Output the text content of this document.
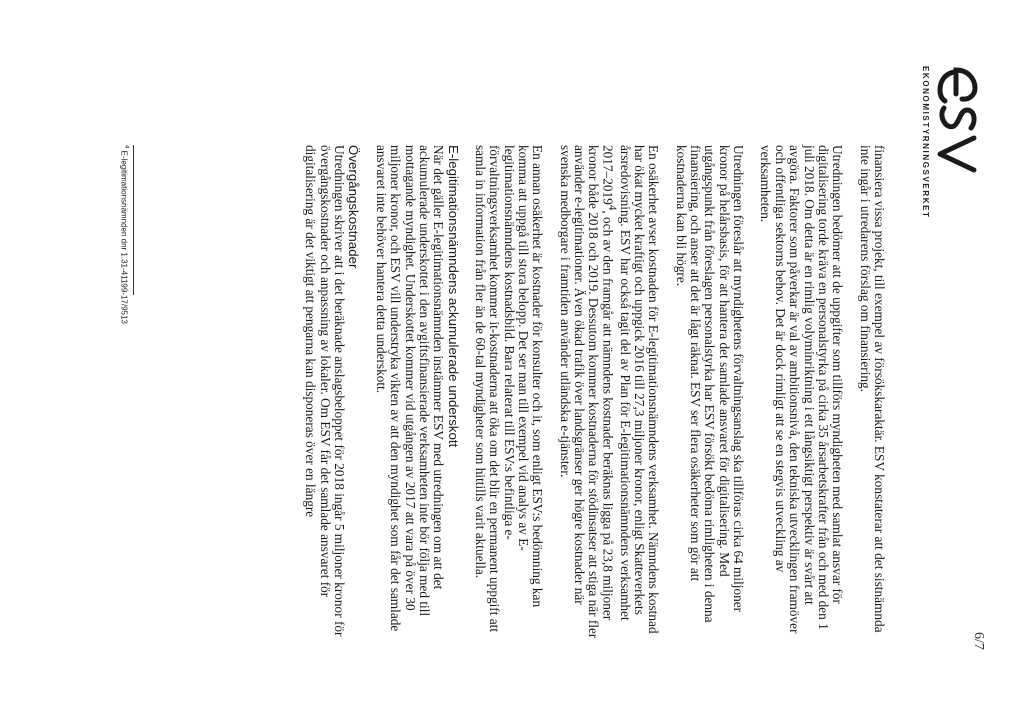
EKONOMISTYRNINGSVERKET
6/7

finansiera vissa projekt, till exempel av försökskaraktär. ESV konstaterar att det sistnämnda inte ingår i utredarens förslag om finansiering.

Utredningen bedömer att de uppgifter som tillförs myndigheten med samlat ansvar för digitalisering torde kräva en personalstyrka på cirka 35 årsarbetskrafter från och med den 1 juli 2018. Om detta är en rimlig volyminriktning i ett långsiktigt perspektiv är svårt att avgöra. Faktorer som påverkar är val av ambitionsnivå, den tekniska utvecklingen framöver och offentliga sektorns behov. Det är dock rimligt att se en stegvis utveckling av verksamheten.

Utredningen föreslår att myndighetens förvaltningsanslag ska tillföras cirka 64 miljoner kronor på helårsbasis, för att hantera det samlade ansvaret för digitalisering. Med utgångspunkt från föreslagen personalstyrka har ESV försökt bedöma rimligheten i denna finansiering, och anser att det är lågt räknat. ESV ser flera osäkerheter som gör att kostnaderna kan bli högre.

En osäkerhet avser kostnaden för E-legitimationsnämndens verksamhet. Nämndens kostnad har ökat mycket kraftigt och uppgick 2016 till 27,3 miljoner kronor, enligt Skatteverkets årsredovisning. ESV har också tagit del av Plan för E-legitimationsnämndens verksamhet 2017–2019$^4$, och av den framgår att nämndens kostnader beräknas ligga på 23,8 miljoner kronor både 2018 och 2019. Dessutom kommer kostnaderna för stödinsatser att stiga när fler använder e-legitimationer. Även ökad trafik över landsgränser ger högre kostnader när svenska medborgare i framtiden använder utländska e-tjänster.

En annan osäkerhet är kostnader för konsulter och it, som enligt ESV:s bedömning kan komma att uppgå till stora belopp. Det ser man till exempel vid analys av E-legitimationsnämndens kostnadsbild. Bara relaterat till ESV:s befintliga e-förvaltningsverksamhet kommer it-kostnaderna att öka om det blir en permanent uppgift att samla in information från fler än de 60-tal myndigheter som hittills varit aktuella.

E-legitimationsnämndens ackumulerade underskott

När det gäller E-legitimationsnämnden instämmer ESV med utredningen om att det ackumulerade underskottet i den avgiftsfinansierade verksamheten inte bör följa med till mottagande myndighet. Underskottet kommer vid utgången av 2017 att vara på över 30 miljoner kronor, och ESV vill understryka vikten av att den myndighet som får det samlade ansvaret inte behöver hantera detta underskott.

Övergångskostnader

Utredningen skriver att i det beräknade anslagsbeloppet för 2018 ingår 5 miljoner kronor för övergångskostnader och anpassning av lokaler. Om ESV får det samlade ansvaret för digitalisering är det viktigt att pengarna kan disponeras över en längre

$^4$ E-legitimationsnämnden dnr 1.31-41199-17/9513
